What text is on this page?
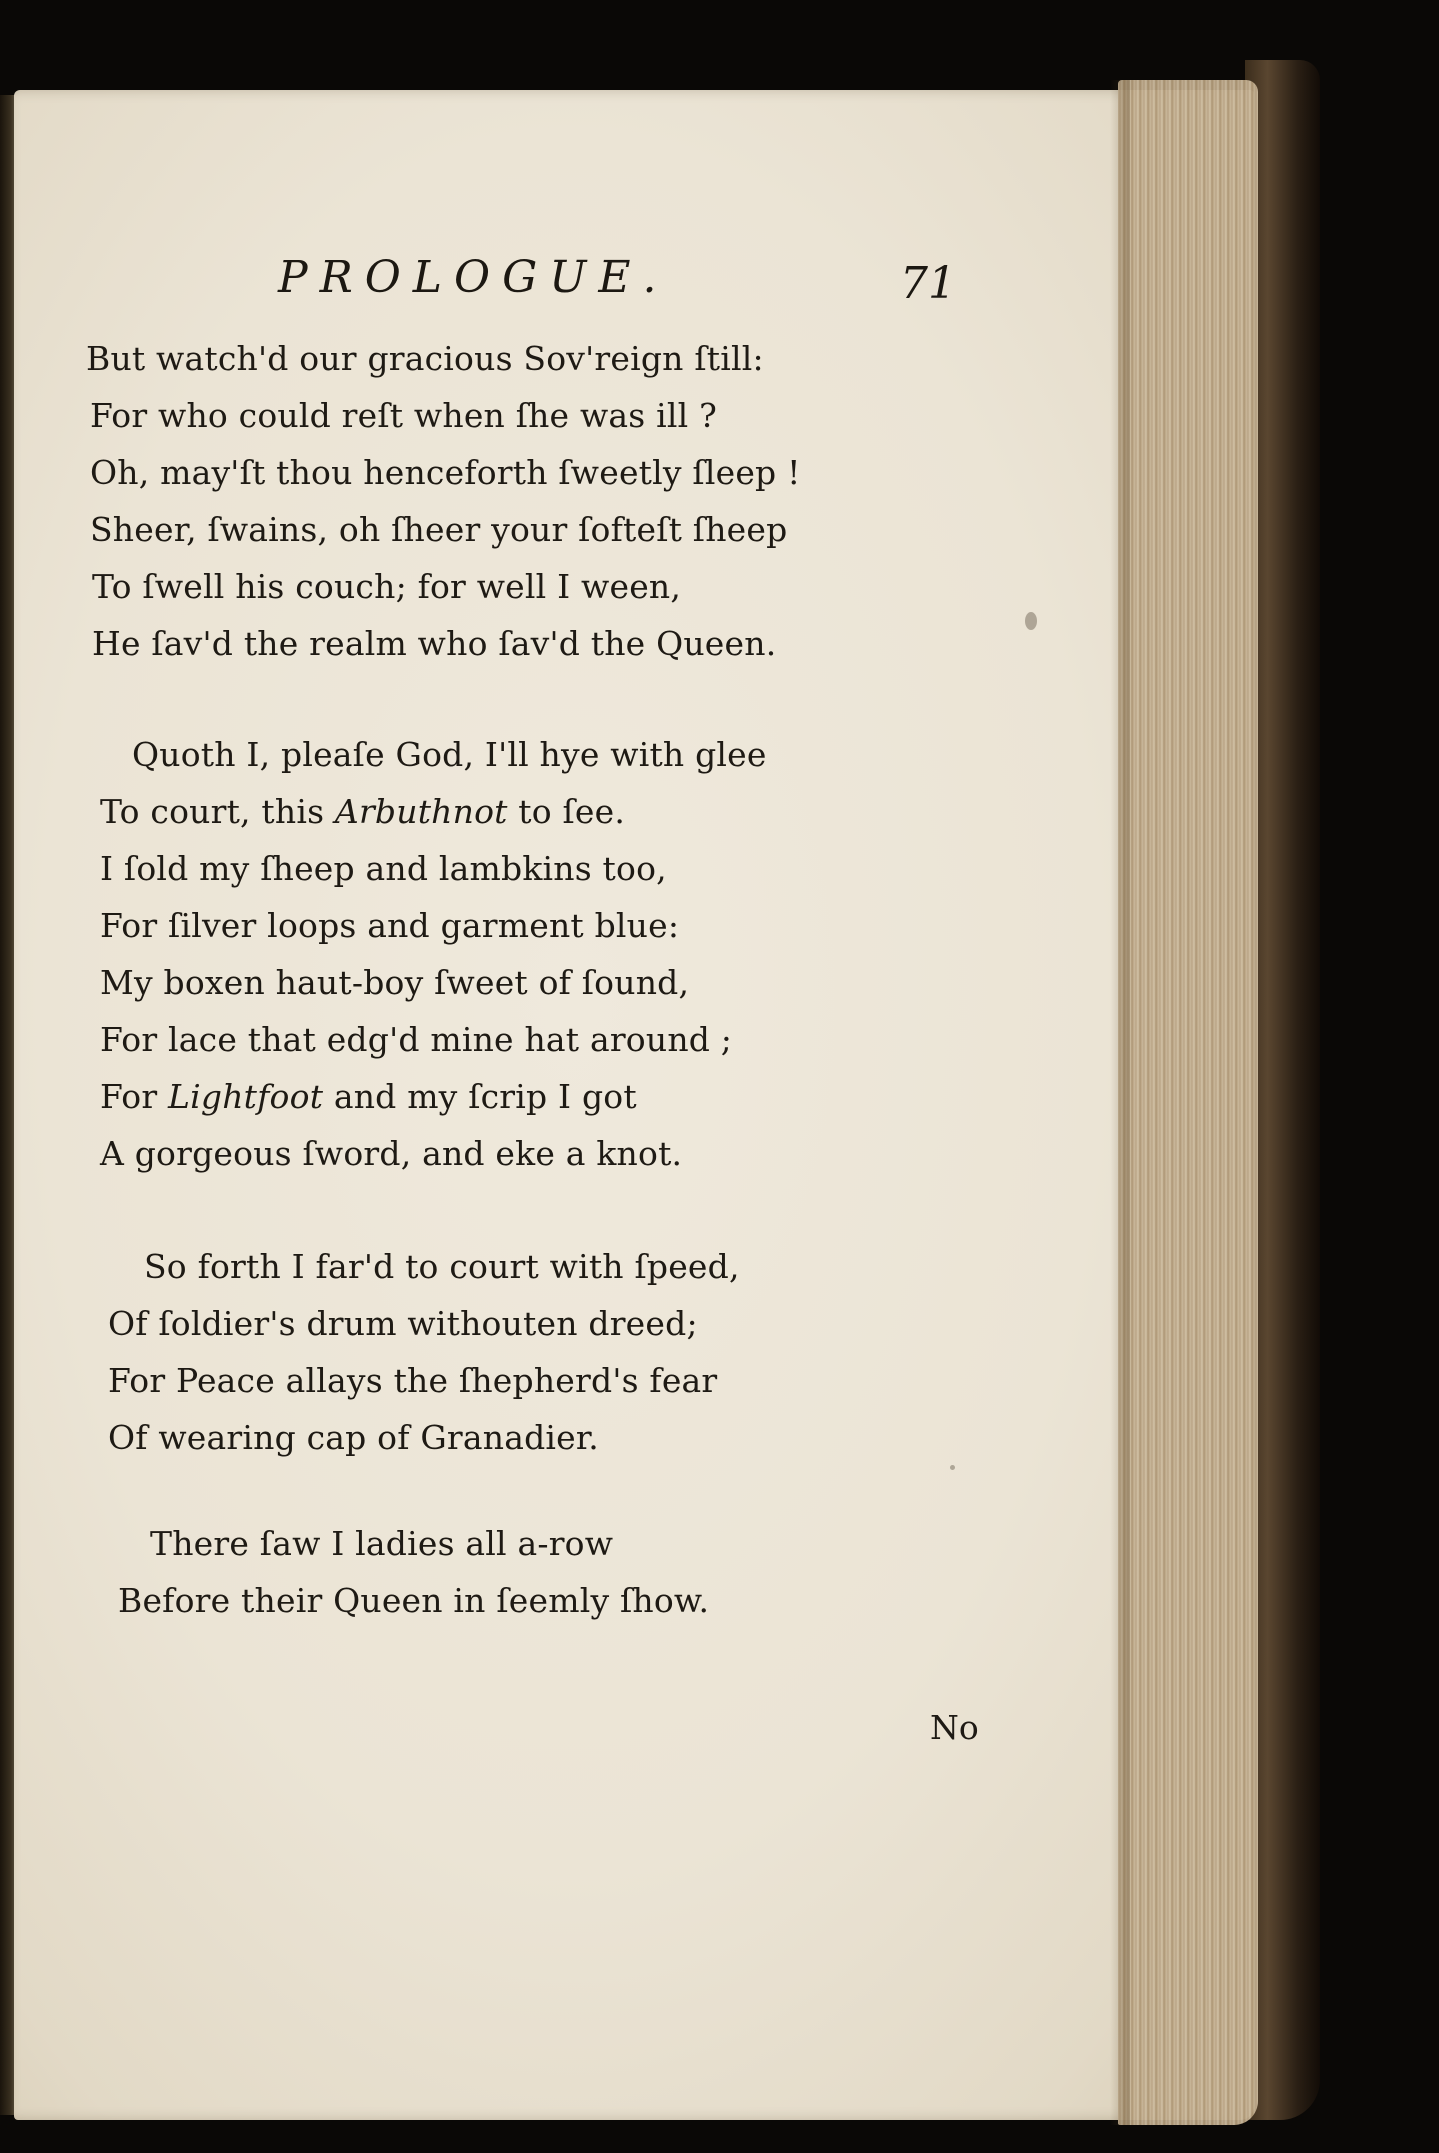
PROLOGUE.	71
But watch'd our gracious Sov'reign ſtill:
For who could reſt when ſhe was ill ?
Oh, may'ſt thou henceforth ſweetly ſleep !
Sheer, ſwains, oh ſheer your ſofteſt ſheep
To ſwell his couch; for well I ween,
He ſav'd the realm who ſav'd the Queen.
Quoth I, pleaſe God, I'll hye with glee
To court, this Arbuthnot to ſee.
I ſold my ſheep and lambkins too,
For ſilver loops and garment blue:
My boxen haut-boy ſweet of ſound,
For lace that edg'd mine hat around ;
For Lightfoot and my ſcrip I got
A gorgeous ſword, and eke a knot.
So forth I far'd to court with ſpeed,
Of ſoldier's drum withouten dreed;
For Peace allays the ſhepherd's fear
Of wearing cap of Granadier.
There ſaw I ladies all a-row
Before their Queen in ſeemly ſhow.
No
